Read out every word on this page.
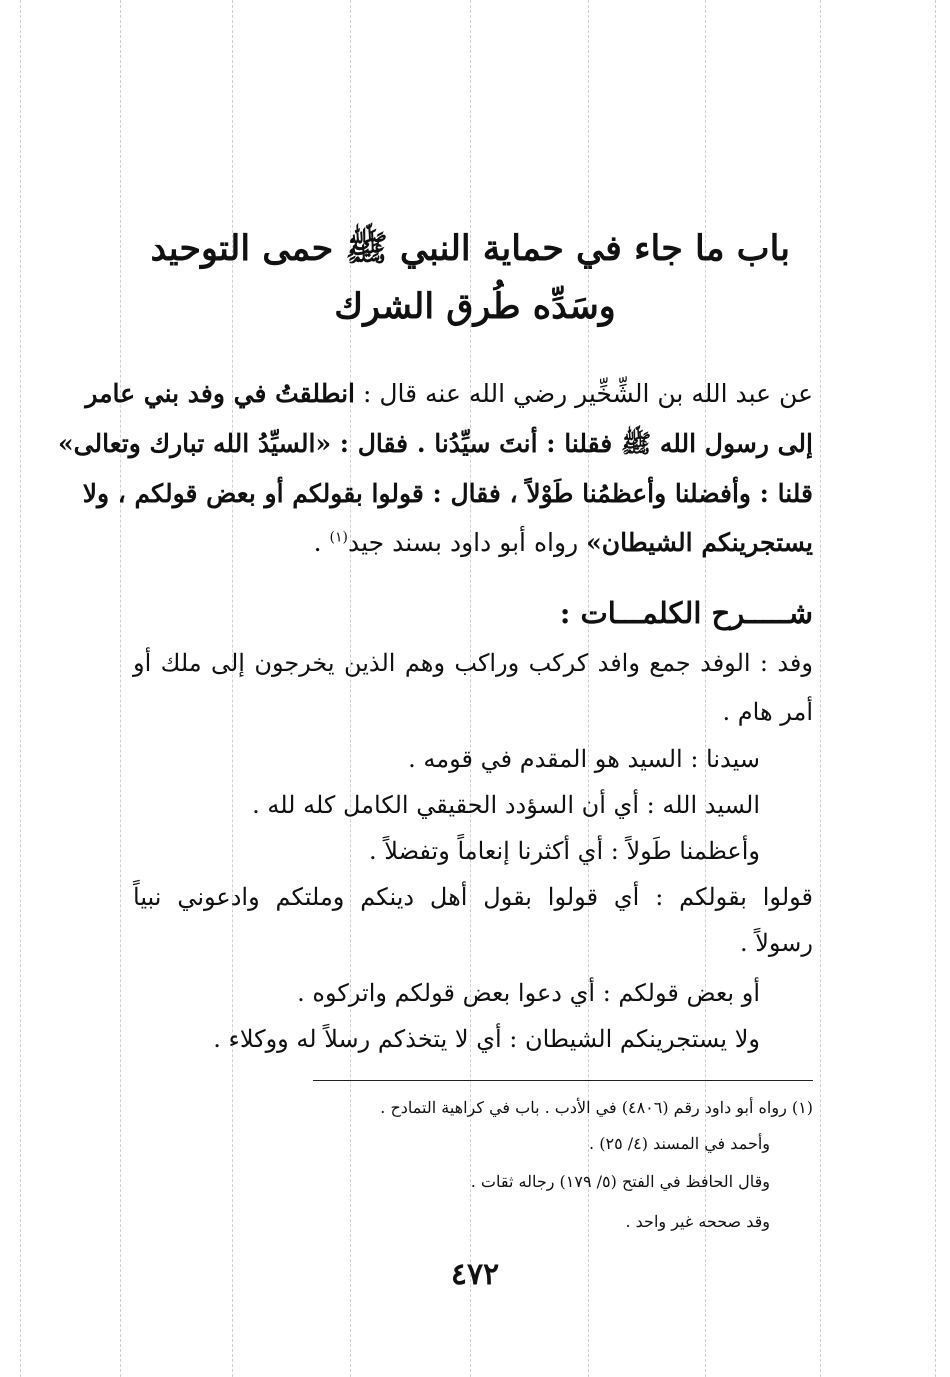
باب ما جاء في حماية النبي ﷺ حمى التوحيد
وسَدِّه طُرق الشرك
عن عبد الله بن الشِّخِّير رضي الله عنه قال : انطلقتُ في وفد بني عامر
إلى رسول الله ﷺ فقلنا : أنتَ سيِّدُنا . فقال : «السيِّدُ الله تبارك وتعالى»
قلنا : وأفضلنا وأعظمُنا طَوْلاً ، فقال : قولوا بقولكم أو بعض قولكم ، ولا
يستجرينكم الشيطان» رواه أبو داود بسند جيد$^{(١)}$ .
شـــــرح الكلمـــات :
وفد : الوفد جمع وافد كركب وراكب وهم الذين يخرجون إلى ملك أو
أمر هام .
سيدنا : السيد هو المقدم في قومه .
السيد الله : أي أن السؤدد الحقيقي الكامل كله لله .
وأعظمنا طَولاً : أي أكثرنا إنعاماً وتفضلاً .
قولوا بقولكم : أي قولوا بقول أهل دينكم وملتكم وادعوني نبياً
رسولاً .
أو بعض قولكم : أي دعوا بعض قولكم واتركوه .
ولا يستجرينكم الشيطان : أي لا يتخذكم رسلاً له ووكلاء .
(١) رواه أبو داود رقم (٤٨٠٦) في الأدب . باب في كراهية التمادح .
وأحمد في المسند (٤/ ٢٥) .
وقال الحافظ في الفتح (٥/ ١٧٩) رجاله ثقات .
وقد صححه غير واحد .
٤٧٢
